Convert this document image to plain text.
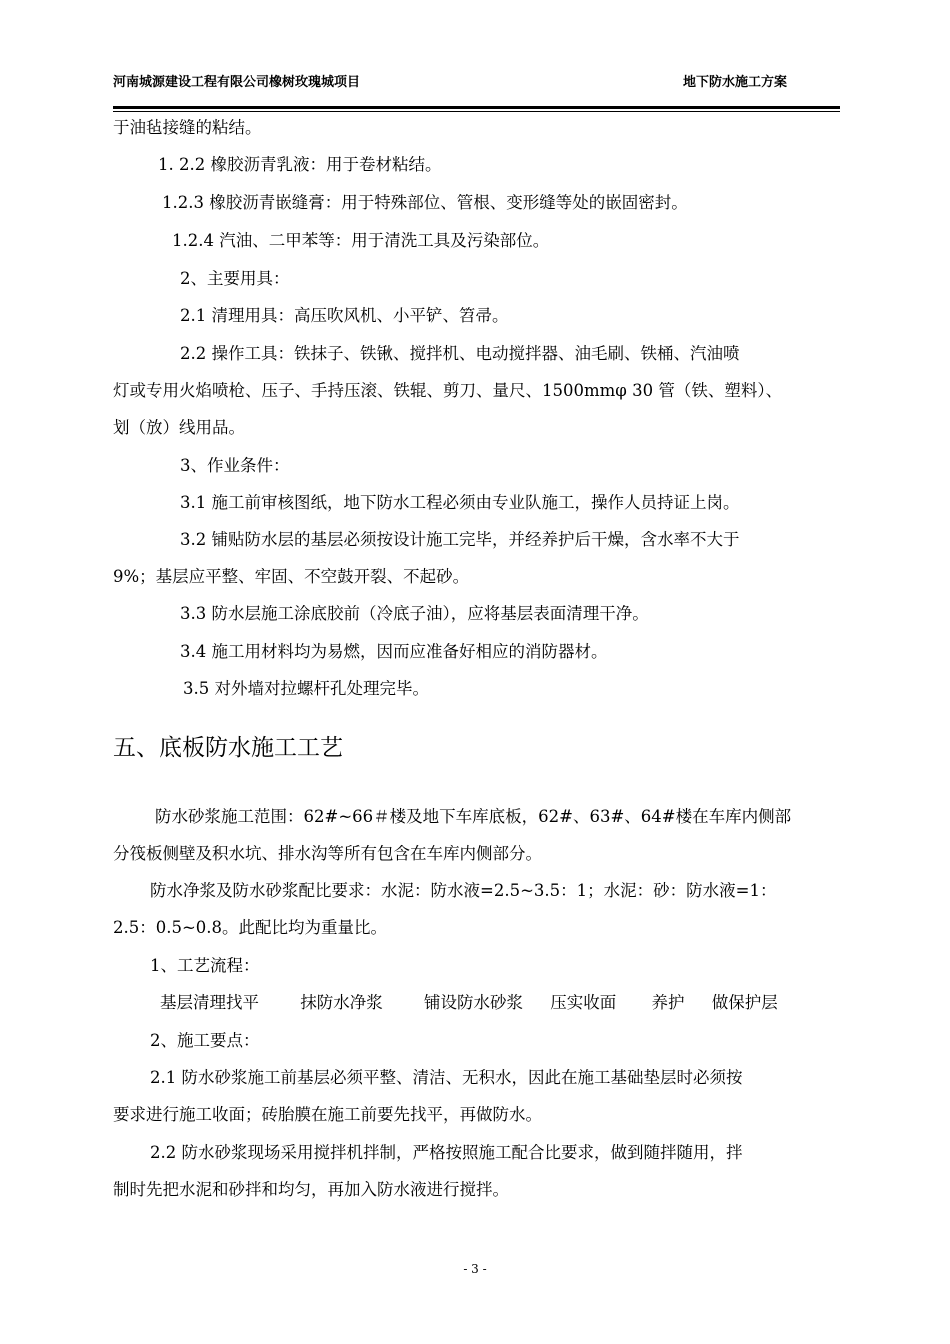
河南城源建设工程有限公司橡树玫瑰城项目	地下防水施工方案
于油毡接缝的粘结。
1. 2.2 橡胶沥青乳液：用于卷材粘结。
1.2.3 橡胶沥青嵌缝膏：用于特殊部位、管根、变形缝等处的嵌固密封。
1.2.4 汽油、二甲苯等：用于清洗工具及污染部位。
2、主要用具：
2.1 清理用具：高压吹风机、小平铲、笤帚。
2.2 操作工具：铁抹子、铁锹、搅拌机、电动搅拌器、油毛刷、铁桶、汽油喷
灯或专用火焰喷枪、压子、手持压滚、铁辊、剪刀、量尺、1500mmφ 30 管（铁、塑料）、
划（放）线用品。
3、作业条件：
3.1 施工前审核图纸，地下防水工程必须由专业队施工，操作人员持证上岗。
3.2 铺贴防水层的基层必须按设计施工完毕，并经养护后干燥，含水率不大于
9%；基层应平整、牢固、不空鼓开裂、不起砂。
3.3 防水层施工涂底胶前（冷底子油），应将基层表面清理干净。
3.4 施工用材料均为易燃，因而应准备好相应的消防器材。
3.5 对外墙对拉螺杆孔处理完毕。
五、底板防水施工工艺
防水砂浆施工范围：62#~66＃楼及地下车库底板，62#、63#、64#楼在车库内侧部
分筏板侧壁及积水坑、排水沟等所有包含在车库内侧部分。
防水净浆及防水砂浆配比要求：水泥：防水液=2.5~3.5：1；水泥：砂：防水液=1：
2.5：0.5~0.8。此配比均为重量比。
1、工艺流程：
基层清理找平	抹防水净浆	铺设防水砂浆 压实收面 养护 做保护层
2、施工要点：
2.1 防水砂浆施工前基层必须平整、清洁、无积水，因此在施工基础垫层时必须按
要求进行施工收面；砖胎膜在施工前要先找平，再做防水。
2.2 防水砂浆现场采用搅拌机拌制，严格按照施工配合比要求，做到随拌随用，拌
制时先把水泥和砂拌和均匀，再加入防水液进行搅拌。
- 3 -
